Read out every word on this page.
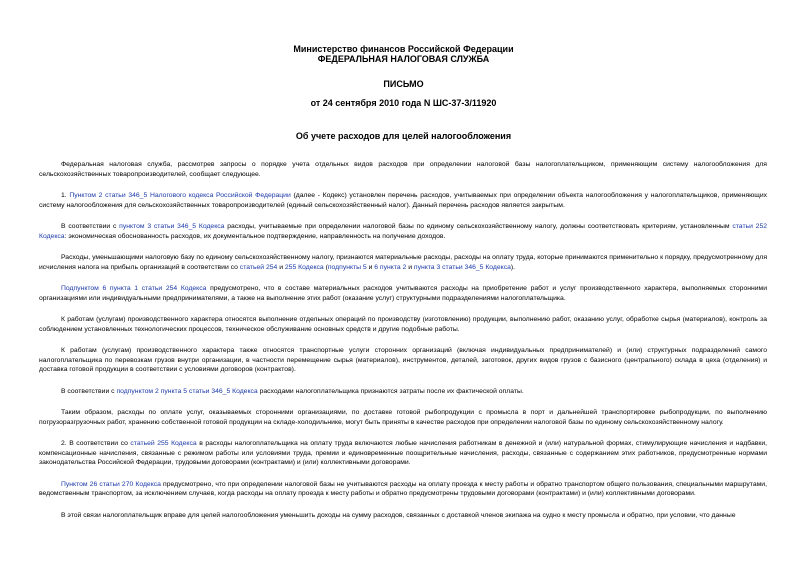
Министерство финансов Российской Федерации
ФЕДЕРАЛЬНАЯ НАЛОГОВАЯ СЛУЖБА
ПИСЬМО
от 24 сентября 2010 года N ШС-37-3/11920
Об учете расходов для целей налогообложения

Федеральная налоговая служба, рассмотрев запросы о порядке учета отдельных видов расходов при определении налоговой базы налогоплательщиком, применяющим систему налогообложения для сельскохозяйственных товаропроизводителей, сообщает следующее.

1. Пунктом 2 статьи 346_5 Налогового кодекса Российской Федерации (далее - Кодекс) установлен перечень расходов, учитываемых при определении объекта налогообложения у налогоплательщиков, применяющих систему налогообложения для сельскохозяйственных товаропроизводителей (единый сельскохозяйственный налог). Данный перечень расходов является закрытым.

В соответствии с пунктом 3 статьи 346_5 Кодекса расходы, учитываемые при определении налоговой базы по единому сельскохозяйственному налогу, должны соответствовать критериям, установленным статьи 252 Кодекса: экономическая обоснованность расходов, их документальное подтверждение, направленность на получение доходов.

Расходы, уменьшающими налоговую базу по единому сельскохозяйственному налогу, признаются материальные расходы, расходы на оплату труда, которые принимаются применительно к порядку, предусмотренному для исчисления налога на прибыль организаций в соответствии со статьей 254 и 255 Кодекса (подпункты 5 и 6 пункта 2 и пункта 3 статьи 346_5 Кодекса).

Подпунктом 6 пункта 1 статьи 254 Кодекса предусмотрено, что в составе материальных расходов учитываются расходы на приобретение работ и услуг производственного характера, выполняемых сторонними организациями или индивидуальными предпринимателями, а также на выполнение этих работ (оказание услуг) структурными подразделениями налогоплательщика.

К работам (услугам) производственного характера относятся выполнение отдельных операций по производству (изготовлению) продукции, выполнению работ, оказанию услуг, обработке сырья (материалов), контроль за соблюдением установленных технологических процессов, техническое обслуживание основных средств и другие подобные работы.

К работам (услугам) производственного характера также относятся транспортные услуги сторонних организаций (включая индивидуальных предпринимателей) и (или) структурных подразделений самого налогоплательщика по перевозкам грузов внутри организации, в частности перемещение сырья (материалов), инструментов, деталей, заготовок, других видов грузов с базисного (центрального) склада в цеха (отделения) и доставка готовой продукции в соответствии с условиями договоров (контрактов).

В соответствии с подпунктом 2 пункта 5 статьи 346_5 Кодекса расходами налогоплательщика признаются затраты после их фактической оплаты.

Таким образом, расходы по оплате услуг, оказываемых сторонними организациями, по доставке готовой рыбопродукции с промысла в порт и дальнейшей транспортировке рыбопродукции, по выполнению погрузоразгрузочных работ, хранению собственной готовой продукции на складе-холодильнике, могут быть приняты в качестве расходов при определении налоговой базы по единому сельскохозяйственному налогу.

2. В соответствии со статьей 255 Кодекса в расходы налогоплательщика на оплату труда включаются любые начисления работникам в денежной и (или) натуральной формах, стимулирующие начисления и надбавки, компенсационные начисления, связанные с режимом работы или условиями труда, премии и единовременные поощрительные начисления, расходы, связанные с содержанием этих работников, предусмотренные нормами законодательства Российской Федерации, трудовыми договорами (контрактами) и (или) коллективными договорами.

Пунктом 26 статьи 270 Кодекса предусмотрено, что при определении налоговой базы не учитываются расходы на оплату проезда к месту работы и обратно транспортом общего пользования, специальными маршрутами, ведомственным транспортом, за исключением случаев, когда расходы на оплату проезда к месту работы и обратно предусмотрены трудовыми договорами (контрактами) и (или) коллективными договорами.

В этой связи налогоплательщик вправе для целей налогообложения уменьшить доходы на сумму расходов, связанных с доставкой членов экипажа на судно к месту промысла и обратно, при условии, что данные
